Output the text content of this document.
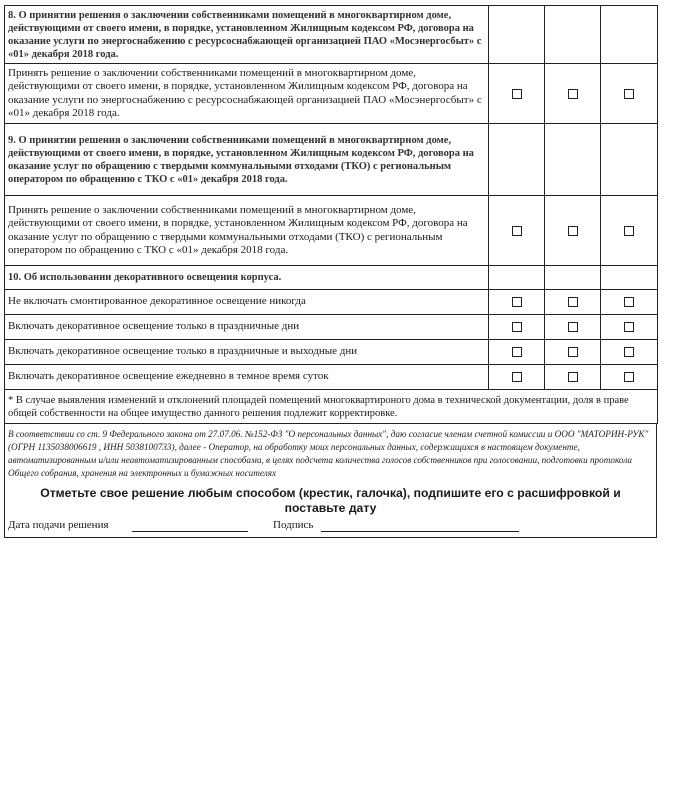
8. О принятии решения о заключении собственниками помещений в многоквартирном доме, действующими от своего имени, в порядке, установленном Жилищным кодексом РФ, договора на оказание услуги по энергоснабжению с ресурсоснабжающей организацией ПАО «Мосэнергосбыт» с «01» декабря 2018 года.			
Принять решение о заключении собственниками помещений в многоквартирном доме, действующими от своего имени, в порядке, установленном Жилищным кодексом РФ, договора на оказание услуги по энергоснабжению с ресурсоснабжающей организацией ПАО «Мосэнергосбыт» с «01» декабря 2018 года.			
9. О принятии решения о заключении собственниками помещений в многоквартирном доме, действующими от своего имени, в порядке, установленном Жилищным кодексом РФ, договора на оказание услуг по обращению с твердыми коммунальными отходами (ТКО) с региональным оператором по обращению с ТКО с «01» декабря 2018 года.			
Принять решение о заключении собственниками помещений в многоквартирном доме, действующими от своего имени, в порядке, установленном Жилищным кодексом РФ, договора на оказание услуг по обращению с твердыми коммунальными отходами (ТКО) с региональным оператором по обращению с ТКО с «01» декабря 2018 года.			
10. Об использовании декоративного освещения корпуса.			
Не включать смонтированное декоративное освещение никогда			
Включать декоративное освещение только в праздничные дни			
Включать декоративное освещение только в праздничные и выходные дни			
Включать декоративное освещение ежедневно в темное время суток			
* В случае выявления изменений и отклонений площадей помещений многоквартироного дома в технической документации, доля в праве общей собственности на общее имущество данного решения подлежит корректировке.			
В соответствии со ст. 9 Федерального закона от 27.07.06. №152-ФЗ "О персональных данных", даю согласие членам счетной комиссии и ООО "МАТОРИН-РУК" (ОГРН 1135038006619 , ИНН 5038100733), далее - Оператор, на обработку моих персональных данных, содержащихся в настоящем документе, автоматизированным и/или неавтоматизированным способами, в целях подсчета количества голосов собственников при голосовании, подготовки протокола Общего собрания, хранения на электронных и бумажных носителях
Отметьте свое решение любым способом (крестик, галочка), подпишите его с расшифровкой и поставьте дату
Дата подачи решения	Подпись
